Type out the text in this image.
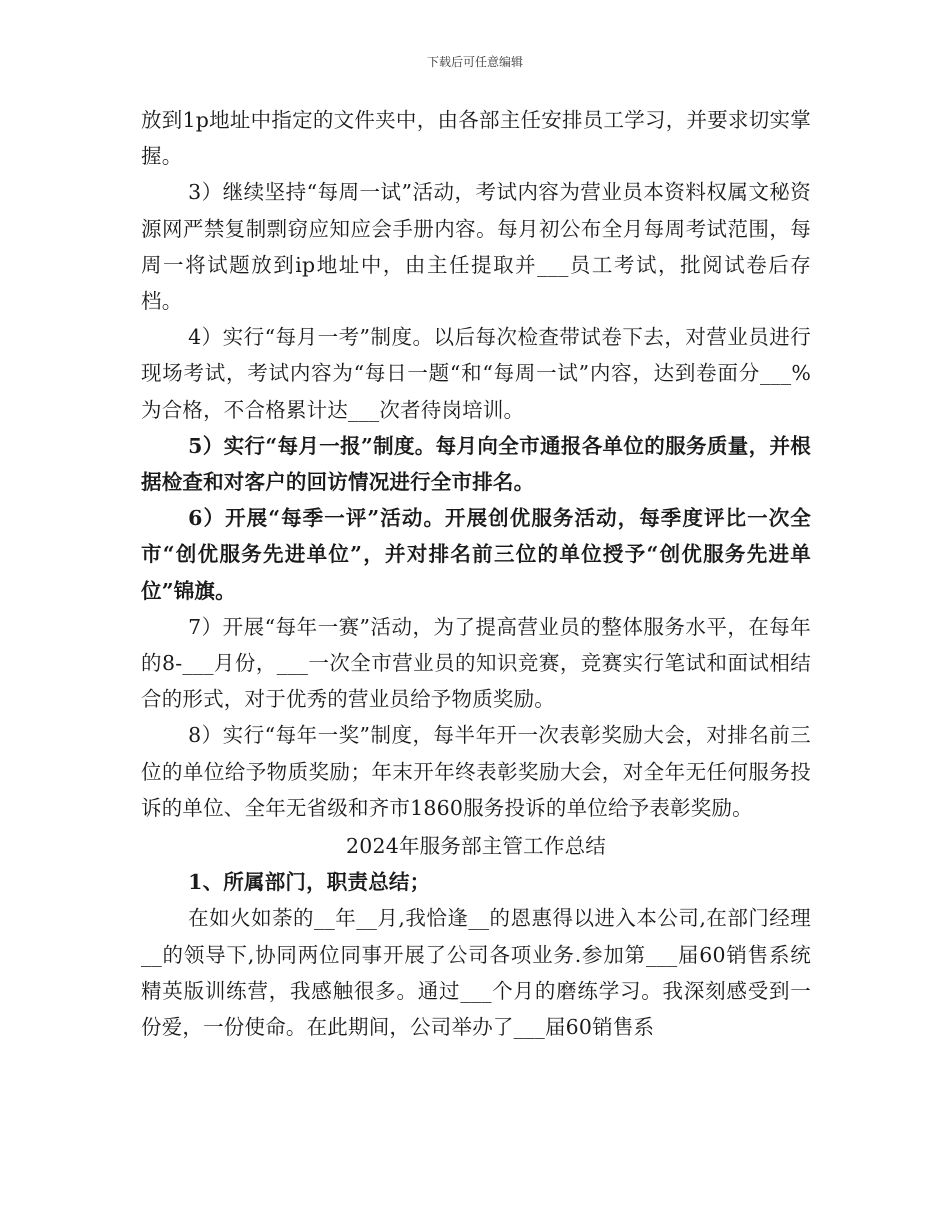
下载后可任意编辑

放到1p地址中指定的文件夹中，由各部主任安排员工学习，并要求切实掌握。

3）继续坚持“每周一试”活动，考试内容为营业员本资料权属文秘资源网严禁复制剽窃应知应会手册内容。每月初公布全月每周考试范围，每周一将试题放到ip地址中，由主任提取并___员工考试，批阅试卷后存档。

4）实行“每月一考”制度。以后每次检查带试卷下去，对营业员进行现场考试，考试内容为“每日一题“和“每周一试”内容，达到卷面分___%为合格，不合格累计达___次者待岗培训。

5）实行“每月一报”制度。每月向全市通报各单位的服务质量，并根据检查和对客户的回访情况进行全市排名。

6）开展“每季一评”活动。开展创优服务活动，每季度评比一次全市“创优服务先进单位”，并对排名前三位的单位授予“创优服务先进单位”锦旗。

7）开展“每年一赛”活动，为了提高营业员的整体服务水平，在每年的8-___月份，___一次全市营业员的知识竞赛，竞赛实行笔试和面试相结合的形式，对于优秀的营业员给予物质奖励。

8）实行“每年一奖”制度，每半年开一次表彰奖励大会，对排名前三位的单位给予物质奖励；年末开年终表彰奖励大会，对全年无任何服务投诉的单位、全年无省级和齐市1860服务投诉的单位给予表彰奖励。

2024年服务部主管工作总结

1、所属部门，职责总结；

在如火如荼的__年__月,我恰逢__的恩惠得以进入本公司,在部门经理__的领导下,协同两位同事开展了公司各项业务.参加第___届60销售系统精英版训练营，我感触很多。通过___个月的磨练学习。我深刻感受到一份爱，一份使命。在此期间，公司举办了___届60销售系
